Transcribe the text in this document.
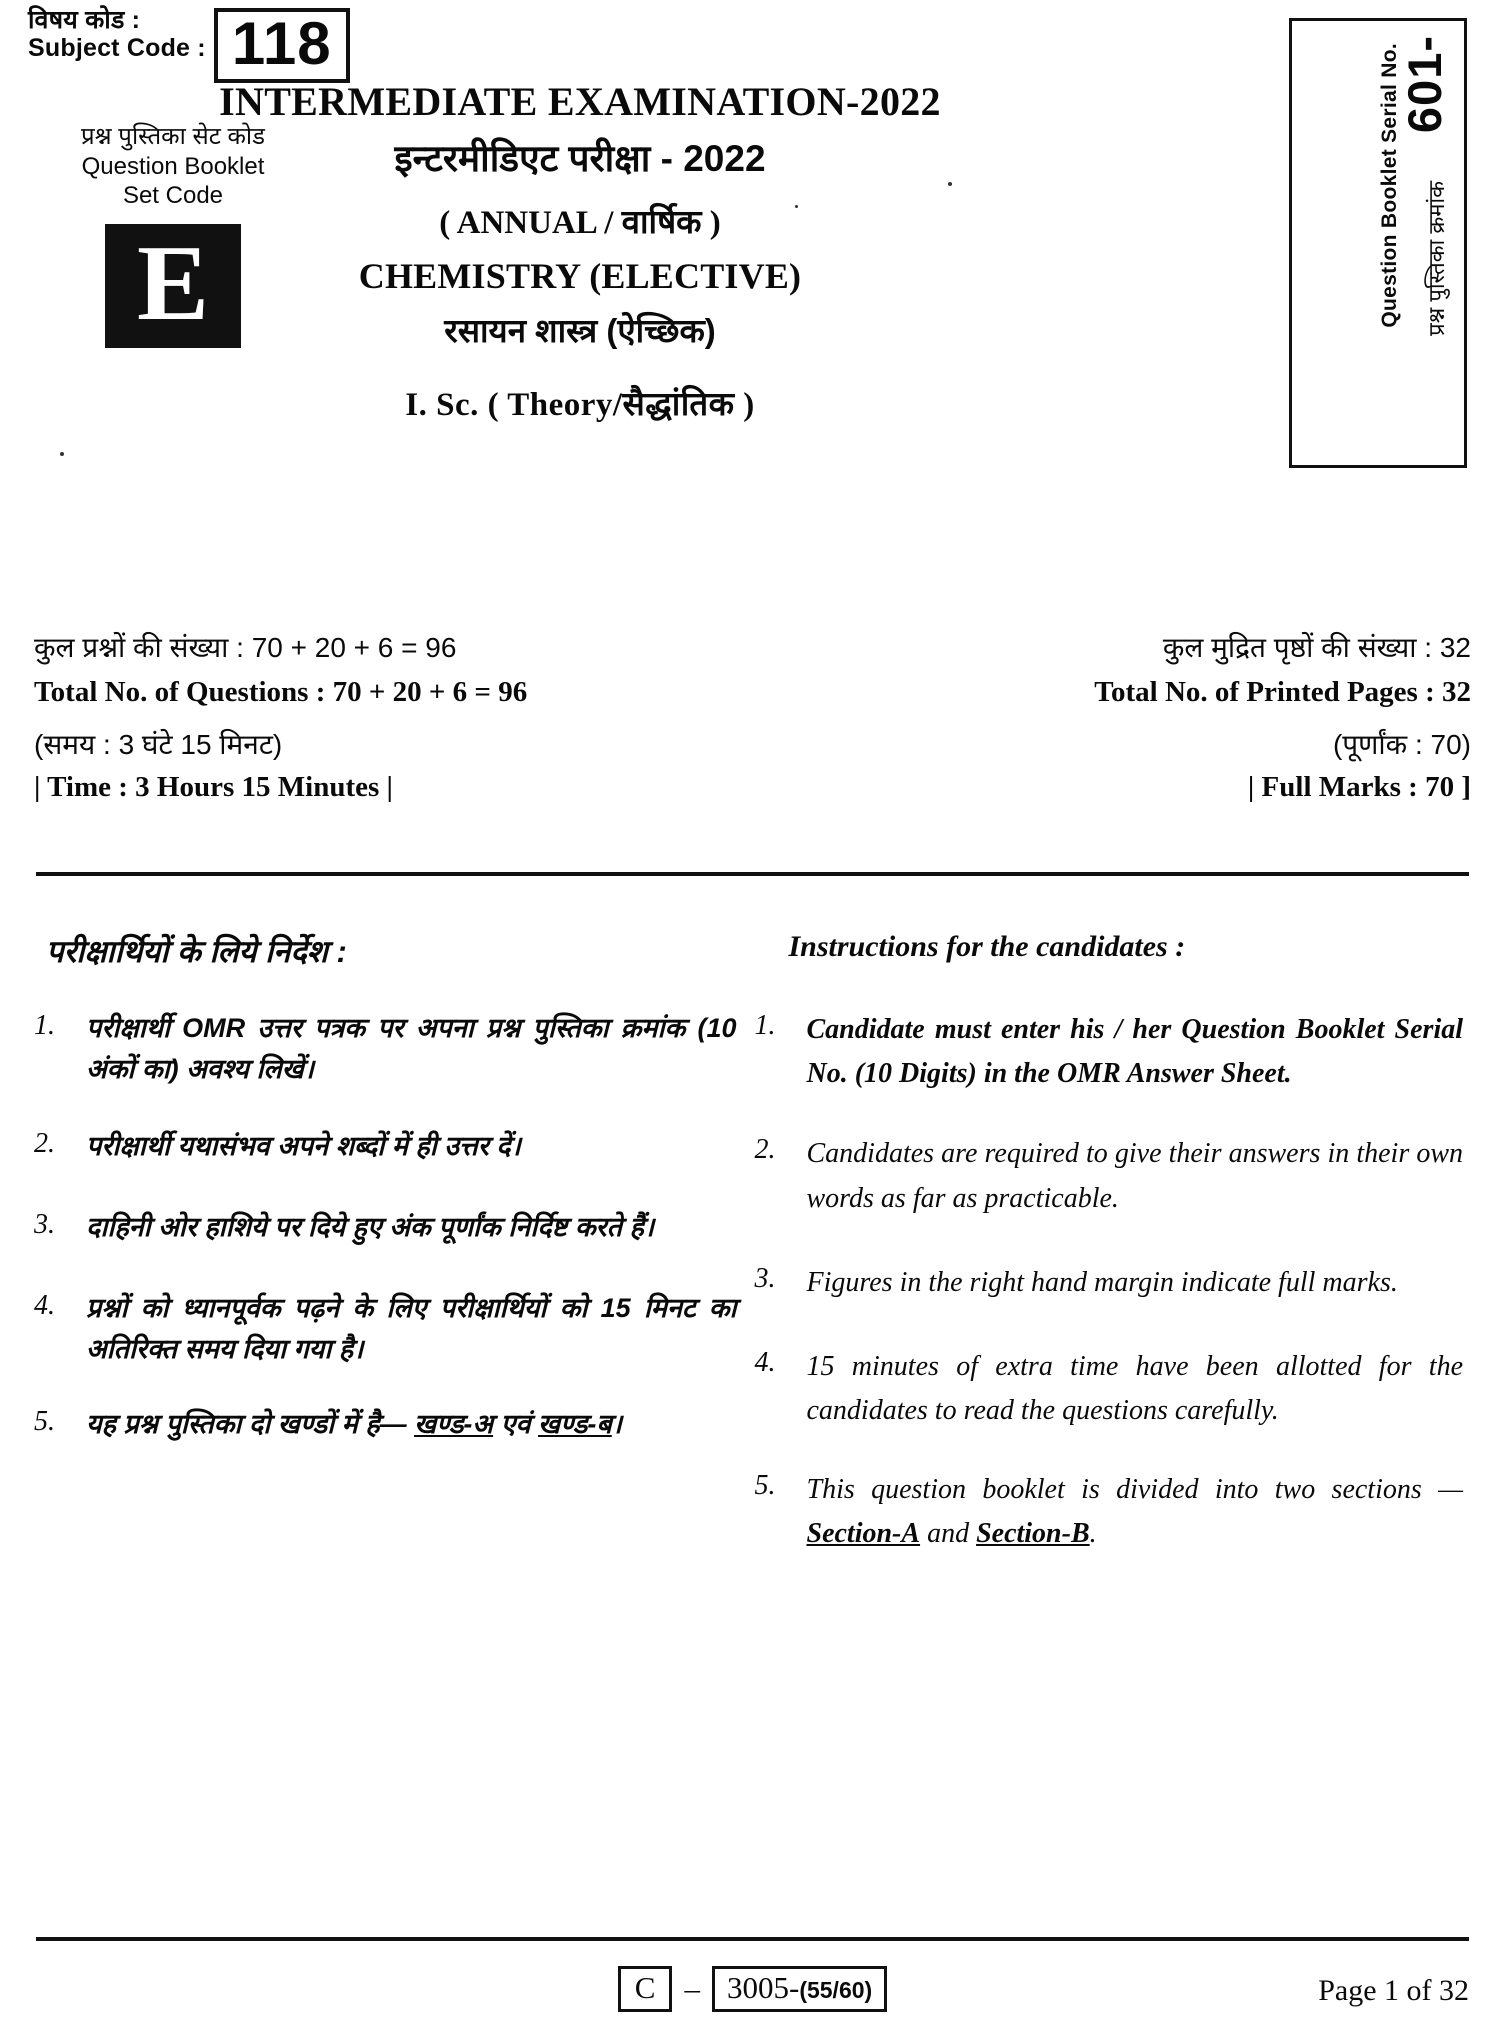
विषय कोड :
Subject Code : 118
प्रश्न पुस्तिका सेट कोड
Question Booklet
Set Code
E
INTERMEDIATE EXAMINATION-2022
इन्टरमीडिएट परीक्षा - 2022
( ANNUAL / वार्षिक )
CHEMISTRY (ELECTIVE)
रसायन शास्त्र (ऐच्छिक)
I. Sc. ( Theory/सैद्धांतिक )
601-
Question Booklet Serial No. प्रश्न पुस्तिका क्रमांक
कुल प्रश्नों की संख्या : 70 + 20 + 6 = 96	कुल मुद्रित पृष्ठों की संख्या : 32
Total No. of Questions : 70 + 20 + 6 = 96	Total No. of Printed Pages : 32
(समय : 3 घंटे 15 मिनट)	(पूर्णांक : 70)
| Time : 3 Hours 15 Minutes |	| Full Marks : 70 ]
परीक्षार्थियों के लिये निर्देश :	Instructions for the candidates :
1.	परीक्षार्थी OMR उत्तर पत्रक पर अपना प्रश्न पुस्तिका क्रमांक (10 अंकों का) अवश्य लिखें।
2.	परीक्षार्थी यथासंभव अपने शब्दों में ही उत्तर दें।
3.	दाहिनी ओर हाशिये पर दिये हुए अंक पूर्णांक निर्दिष्ट करते हैं।
4.	प्रश्नों को ध्यानपूर्वक पढ़ने के लिए परीक्षार्थियों को 15 मिनट का अतिरिक्त समय दिया गया है।
5.	यह प्रश्न पुस्तिका दो खण्डों में है— खण्ड-अ एवं खण्ड-ब।
1.	Candidate must enter his / her Question Booklet Serial No. (10 Digits) in the OMR Answer Sheet.
2.	Candidates are required to give their answers in their own words as far as practicable.
3.	Figures in the right hand margin indicate full marks.
4.	15 minutes of extra time have been allotted for the candidates to read the questions carefully.
5.	This question booklet is divided into two sections — Section-A and Section-B.
C – 3005-(55/60)	Page 1 of 32
